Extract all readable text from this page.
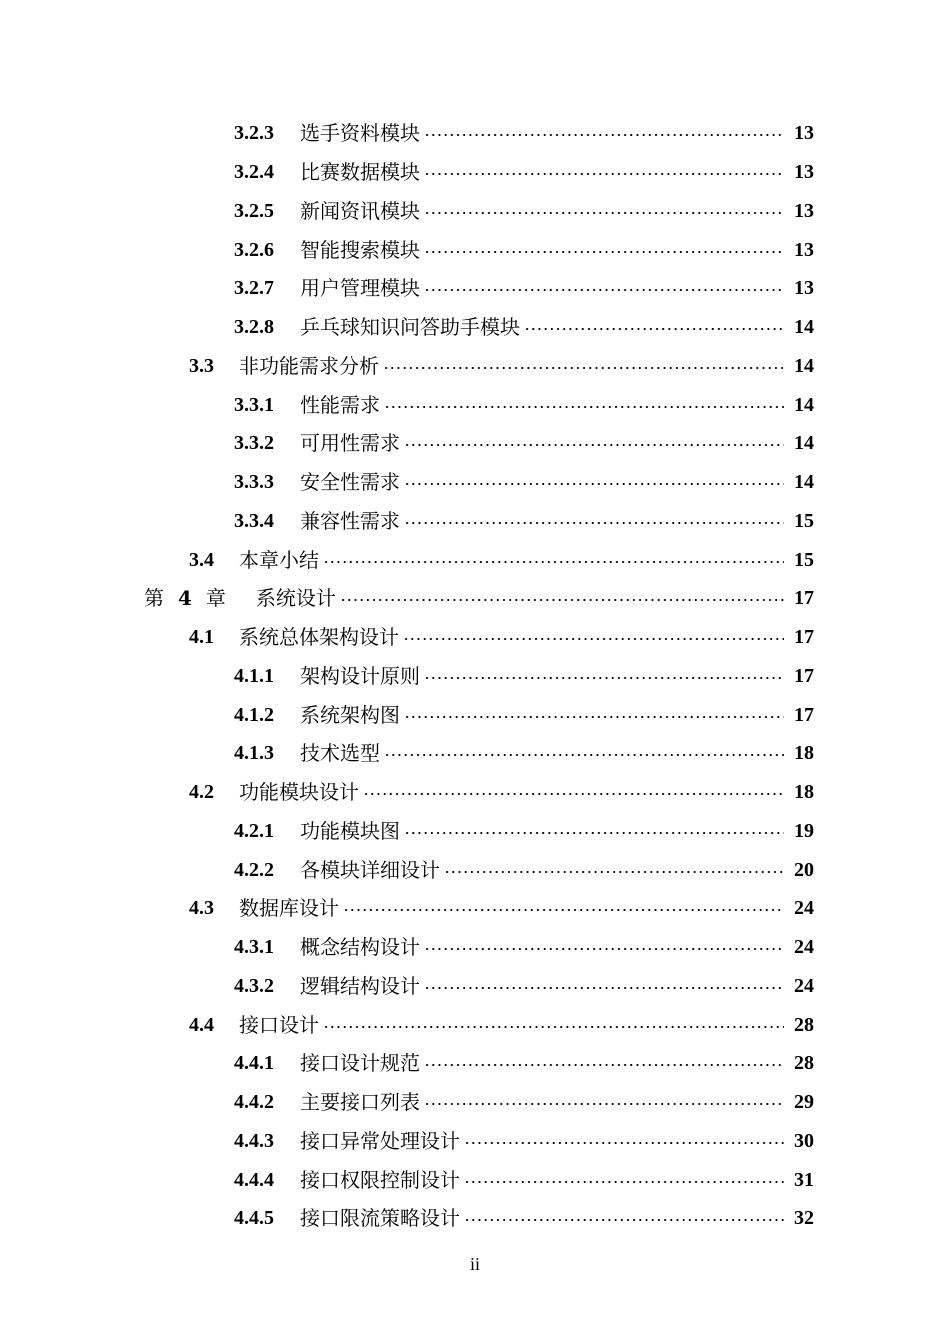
3.2.3	选手资料模块	13
3.2.4	比赛数据模块	13
3.2.5	新闻资讯模块	13
3.2.6	智能搜索模块	13
3.2.7	用户管理模块	13
3.2.8	乒乓球知识问答助手模块	14
3.3	非功能需求分析	14
3.3.1	性能需求	14
3.3.2	可用性需求	14
3.3.3	安全性需求	14
3.3.4	兼容性需求	15
3.4	本章小结	15
第 4 章	系统设计	17
4.1	系统总体架构设计	17
4.1.1	架构设计原则	17
4.1.2	系统架构图	17
4.1.3	技术选型	18
4.2	功能模块设计	18
4.2.1	功能模块图	19
4.2.2	各模块详细设计	20
4.3	数据库设计	24
4.3.1	概念结构设计	24
4.3.2	逻辑结构设计	24
4.4	接口设计	28
4.4.1	接口设计规范	28
4.4.2	主要接口列表	29
4.4.3	接口异常处理设计	30
4.4.4	接口权限控制设计	31
4.4.5	接口限流策略设计	32
ii
